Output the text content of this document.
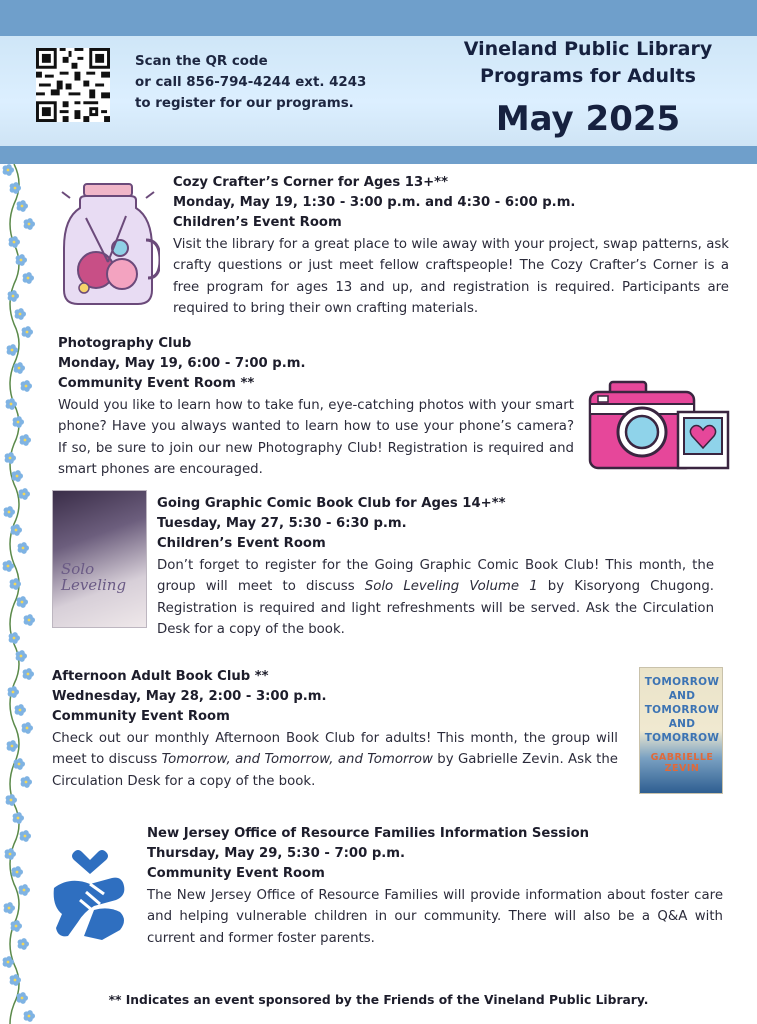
Scan the QR code
or call 856-794-4244 ext. 4243
to register for our programs.
Vineland Public Library
Programs for Adults
May 2025
Cozy Crafter’s Corner for Ages 13+**
Monday, May 19, 1:30 - 3:00 p.m. and 4:30 - 6:00 p.m.
Children’s Event Room
Visit the library for a great place to wile away with your project, swap patterns, ask crafty questions or just meet fellow craftspeople! The Cozy Crafter’s Corner is a free program for ages 13 and up, and registration is required. Participants are required to bring their own crafting materials.
Photography Club
Monday, May 19, 6:00 - 7:00 p.m.
Community Event Room **
Would you like to learn how to take fun, eye-catching photos with your smart phone? Have you always wanted to learn how to use your phone’s camera? If so, be sure to join our new Photography Club! Registration is required and smart phones are encouraged.
Solo
Leveling
Going Graphic Comic Book Club for Ages 14+**
Tuesday, May 27, 5:30 - 6:30 p.m.
Children’s Event Room
Don’t forget to register for the Going Graphic Comic Book Club! This month, the group will meet to discuss Solo Leveling Volume 1 by Kisoryong Chugong. Registration is required and light refreshments will be served. Ask the Circulation Desk for a copy of the book.
Afternoon Adult Book Club **
Wednesday, May 28, 2:00 - 3:00 p.m.
Community Event Room
Check out our monthly Afternoon Book Club for adults! This month, the group will meet to discuss Tomorrow, and Tomorrow, and Tomorrow by Gabrielle Zevin. Ask the Circulation Desk for a copy of the book.
TOMORROW AND TOMORROW AND TOMORROW
GABRIELLE ZEVIN
New Jersey Office of Resource Families Information Session
Thursday, May 29, 5:30 - 7:00 p.m.
Community Event Room
The New Jersey Office of Resource Families will provide information about foster care and helping vulnerable children in our community. There will also be a Q&A with current and former foster parents.
** Indicates an event sponsored by the Friends of the Vineland Public Library.
